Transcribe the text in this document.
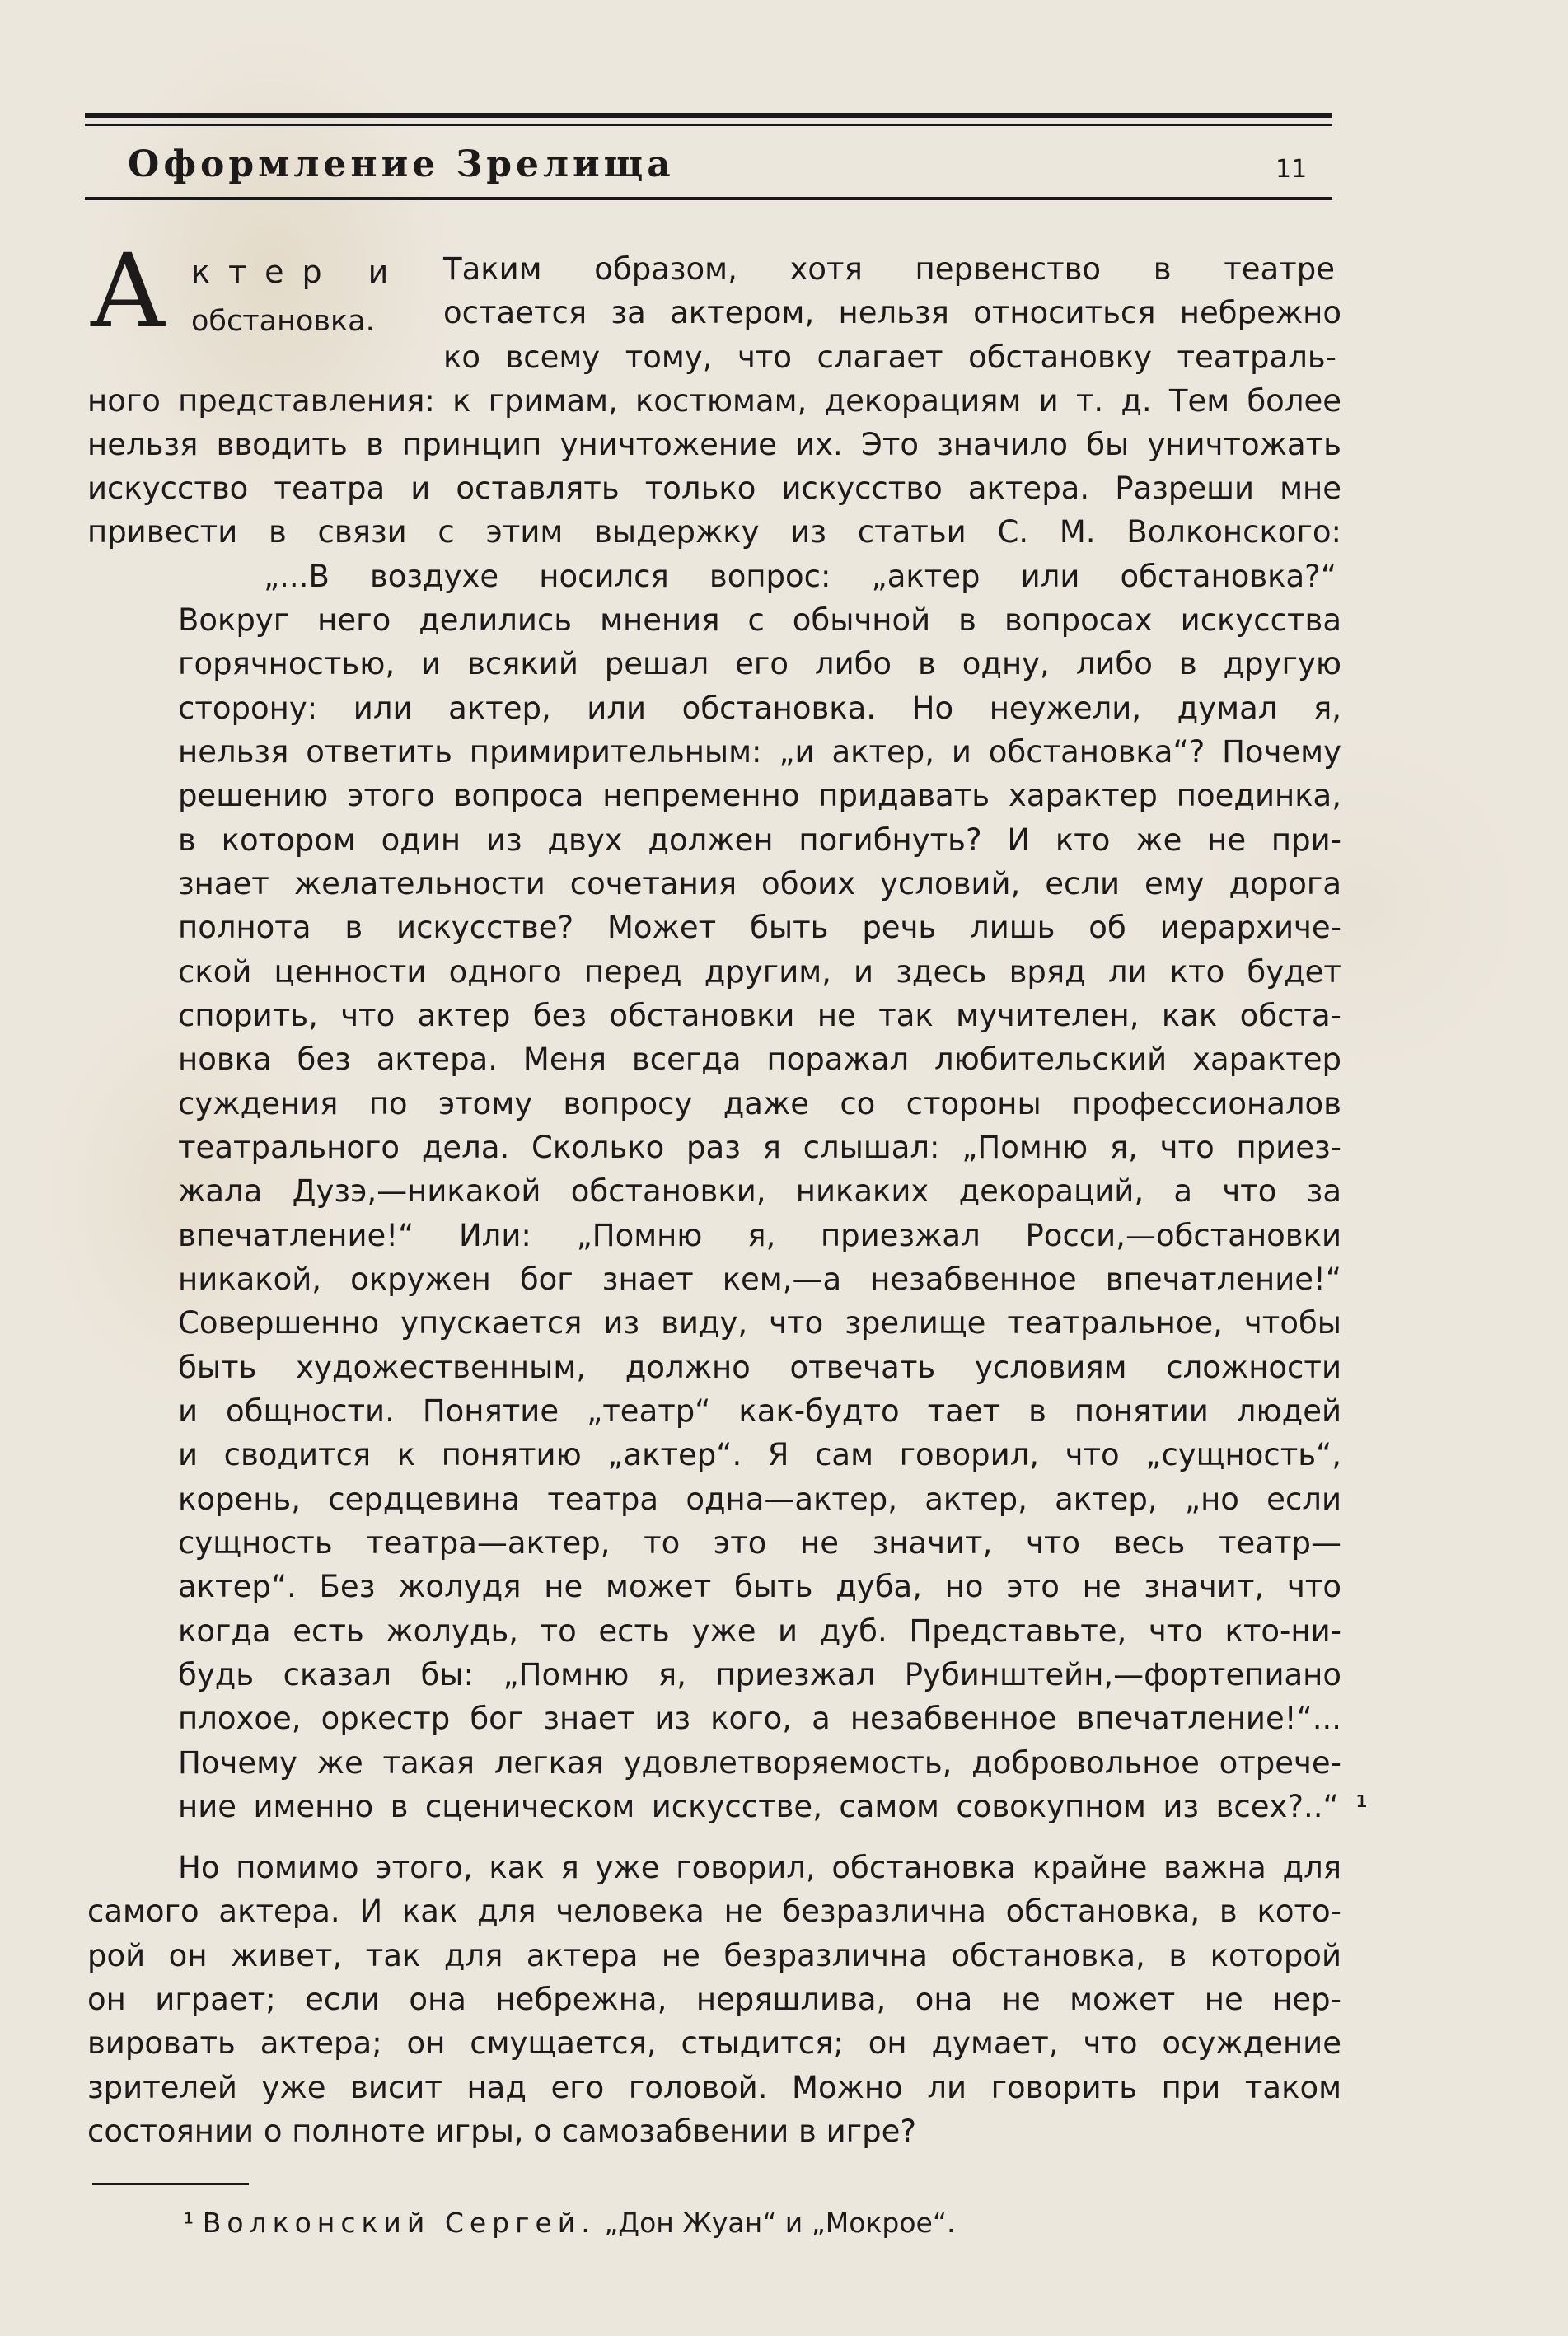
Оформление Зрелища	11
А ктер и
обстановка.
Таким образом, хотя первенство в театре
остается за актером, нельзя относиться небрежно
ко всему тому, что слагает обстановку театраль-
ного представления: к гримам, костюмам, декорациям и т. д. Тем более
нельзя вводить в принцип уничтожение их. Это значило бы уничтожать
искусство театра и оставлять только искусство актера. Разреши мне
привести в связи с этим выдержку из статьи С. М. Волконского:
„...В воздухе носился вопрос: „актер или обстановка?“
Вокруг него делились мнения с обычной в вопросах искусства
горячностью, и всякий решал его либо в одну, либо в другую
сторону: или актер, или обстановка. Но неужели, думал я,
нельзя ответить примирительным: „и актер, и обстановка“? Почему
решению этого вопроса непременно придавать характер поединка,
в котором один из двух должен погибнуть? И кто же не при-
знает желательности сочетания обоих условий, если ему дорога
полнота в искусстве? Может быть речь лишь об иерархиче-
ской ценности одного перед другим, и здесь вряд ли кто будет
спорить, что актер без обстановки не так мучителен, как обста-
новка без актера. Меня всегда поражал любительский характер
суждения по этому вопросу даже со стороны профессионалов
театрального дела. Сколько раз я слышал: „Помню я, что приез-
жала Дузэ,—никакой обстановки, никаких декораций, а что за
впечатление!“ Или: „Помню я, приезжал Росси,—обстановки
никакой, окружен бог знает кем,—а незабвенное впечатление!“
Совершенно упускается из виду, что зрелище театральное, чтобы
быть художественным, должно отвечать условиям сложности
и общности. Понятие „театр“ как-будто тает в понятии людей
и сводится к понятию „актер“. Я сам говорил, что „сущность“,
корень, сердцевина театра одна—актер, актер, актер, „но если
сущность театра—актер, то это не значит, что весь театр—
актер“. Без жолудя не может быть дуба, но это не значит, что
когда есть жолудь, то есть уже и дуб. Представьте, что кто-ни-
будь сказал бы: „Помню я, приезжал Рубинштейн,—фортепиано
плохое, оркестр бог знает из кого, а незабвенное впечатление!“...
Почему же такая легкая удовлетворяемость, добровольное отрече-
ние именно в сценическом искусстве, самом совокупном из всех?..“ ¹
Но помимо этого, как я уже говорил, обстановка крайне важна для
самого актера. И как для человека не безразлична обстановка, в кото-
рой он живет, так для актера не безразлична обстановка, в которой
он играет; если она небрежна, неряшлива, она не может не нер-
вировать актера; он смущается, стыдится; он думает, что осуждение
зрителей уже висит над его головой. Можно ли говорить при таком
состоянии о полноте игры, о самозабвении в игре?
¹ Волконский Сергей. „Дон Жуан“ и „Мокрое“.
